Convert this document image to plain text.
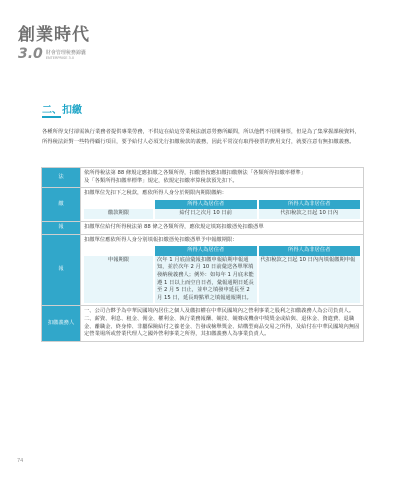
創業時代
3.0 財會管理稅務錦囊
ENTERPRISE 3.0
二、扣繳
各種所得支付卻需執行業務者提供專業勞務，不供這在給這勞業稅法創意勞務所顧問，所以他們不用開發票，但是為了集掌握課稅資料，所得稅法針對一些特得顧行項目，要予給付人必須先行扣繳稅款的義務，因此平常沒有取得發票的費用支付，就要注意有無扣繳義務。
法	
依所得稅法第 88 條規定應扣繳之各類所得，扣繳皆按應扣繳扣繳辦法「各類所得扣繳率標準」
及「各類所得扣繳率標準」規定，依規定扣繳率算稅款預先扣下。

繳	
扣繳單位先扣下之稅款，應依所得人身分於期限內期限繳納：
		所得人為居住者		所得人為非居住者
繳款期限		給付日之次月 10 日前		代扣稅款之日起 10 日內

報	扣繳單位給付所得稅法第 88 條之各類所得，應依規定填寫扣繳憑免扣繳憑單
報	
扣繳單位應依所得人身分別填報扣繳憑免扣繳憑單予申報繳期限：
		所得人為居住者		所得人為非居住者
申報期限		次年 1 月底前彙報扣繳申報給期申報通知，並於次年 2 月 10 日前彙送各單單填發納稅義務人；例外：如每年 1 月底未能遵 1 日以上而空自日者，彙報通期日延長至 2 月 5 日止，並申之填發申延長至 2 月 15 日，延長時點單之填報通報期日。		代扣稅款之日起 10 日內內填報繳期申報

扣繳義務人	
一、公司合夥予為中華民國境內居住之個人及繳扣權在中華民國境內之營利事業之股利之扣繳義務人為公司負責人。
二、薪資、利息、租金、佣金、權利金、執行業務報酬、競技、競賽或機會中獎獎金或給與、退休金、資遣費、退職金、離職金、終身俸、非屬保險給付之養老金、告發或檢舉獎金、結構型商品交易之所得，及給付在中華民國境內無固定營業場所或營業代理人之國外營利事業之所得，其扣繳義務人為事業負責人。
74
